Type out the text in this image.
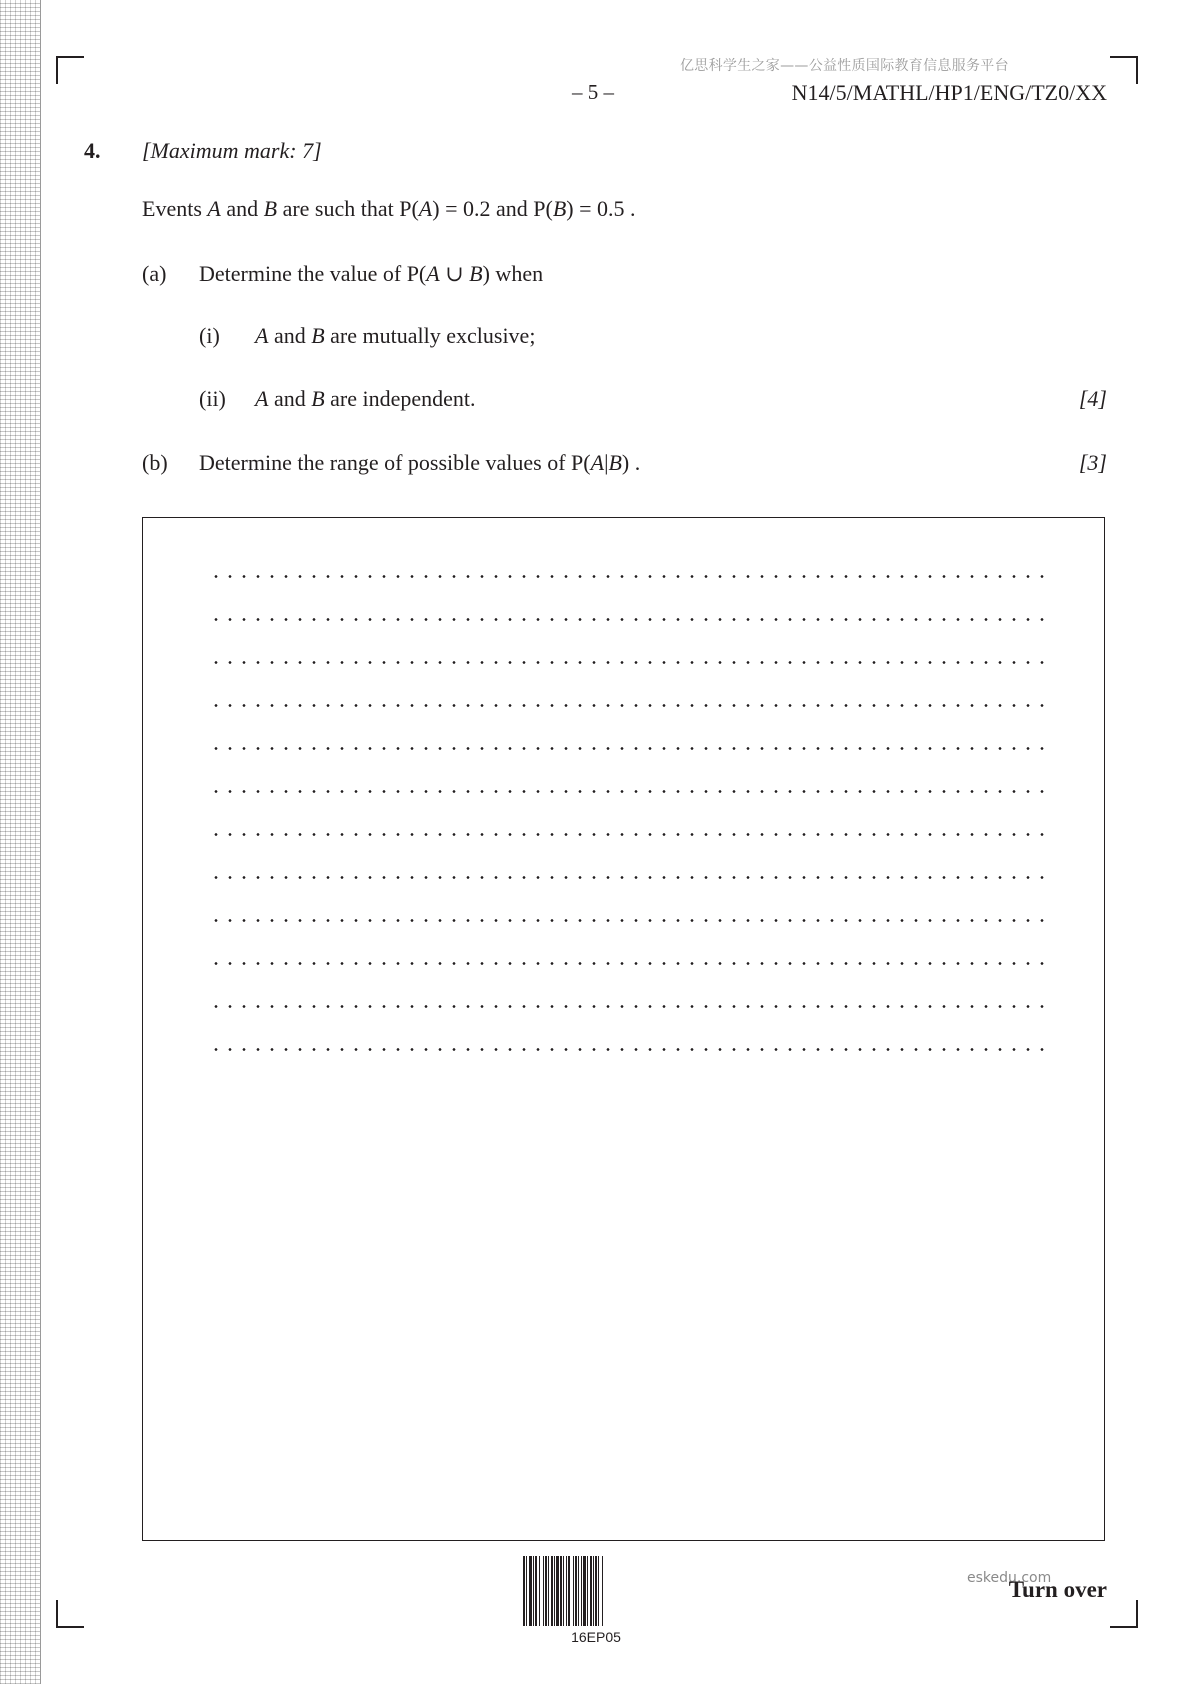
亿思科学生之家——公益性质国际教育信息服务平台
– 5 –	N14/5/MATHL/HP1/ENG/TZ0/XX
4. [Maximum mark: 7]
Events A and B are such that P(A) = 0.2 and P(B) = 0.5 .
(a) Determine the value of P(A ∪ B) when
(i) A and B are mutually exclusive;
(ii) A and B are independent.	[4]
(b) Determine the range of possible values of P(A|B) .	[3]
16EP05
eskedu.com
Turn over
